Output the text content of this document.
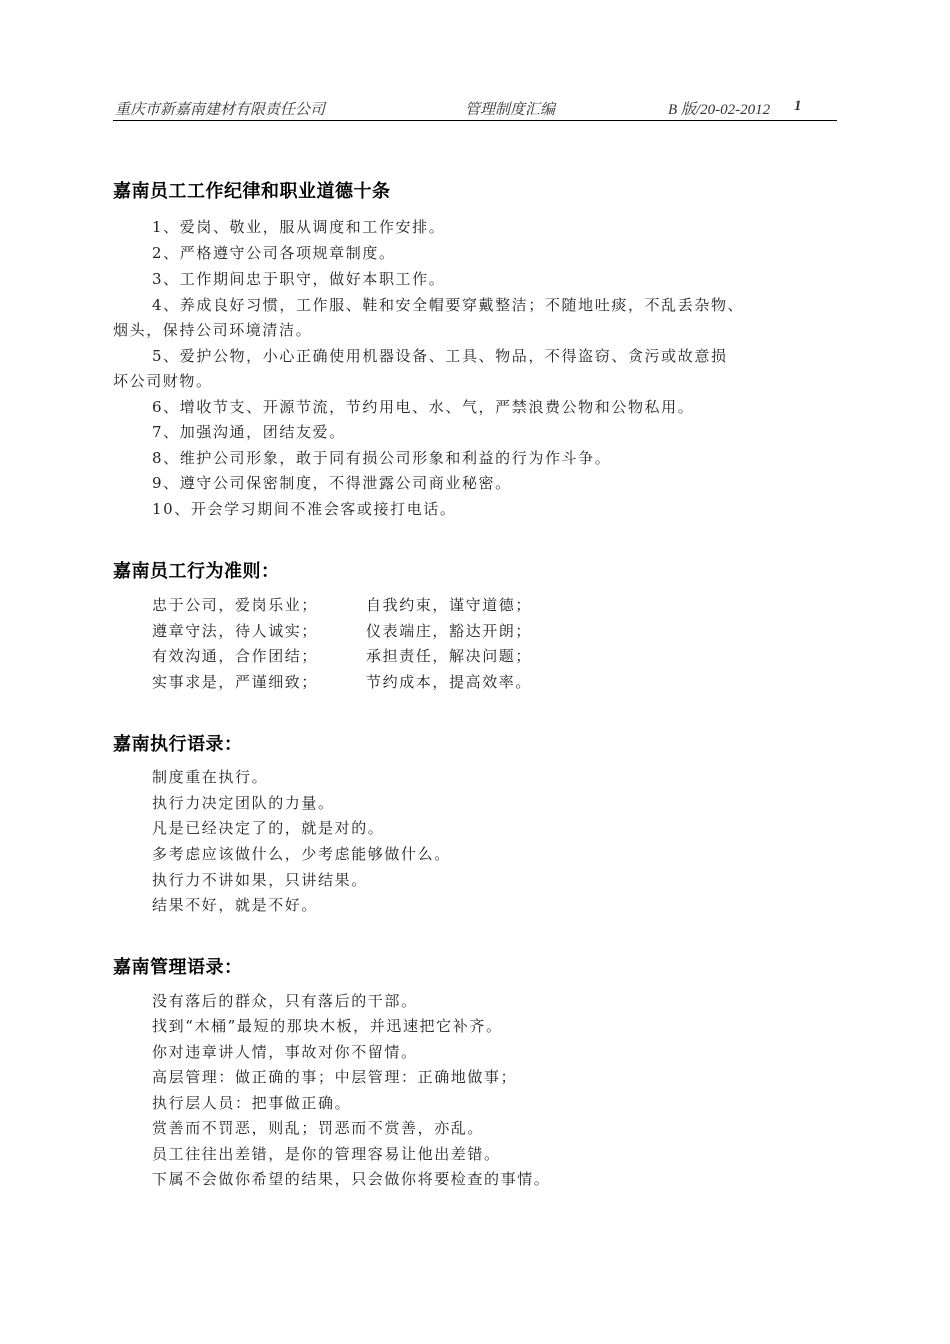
重庆市新嘉南建材有限责任公司	管理制度汇编	B 版/20-02-2012 1
嘉南员工工作纪律和职业道德十条
1、爱岗、敬业，服从调度和工作安排。
2、严格遵守公司各项规章制度。
3、工作期间忠于职守，做好本职工作。
4、养成良好习惯，工作服、鞋和安全帽要穿戴整洁；不随地吐痰，不乱丢杂物、
烟头，保持公司环境清洁。
5、爱护公物，小心正确使用机器设备、工具、物品，不得盗窃、贪污或故意损
坏公司财物。
6、增收节支、开源节流，节约用电、水、气，严禁浪费公物和公物私用。
7、加强沟通，团结友爱。
8、维护公司形象，敢于同有损公司形象和利益的行为作斗争。
9、遵守公司保密制度，不得泄露公司商业秘密。
10、开会学习期间不准会客或接打电话。
嘉南员工行为准则：
忠于公司，爱岗乐业；	自我约束，谨守道德；
遵章守法，待人诚实；	仪表端庄，豁达开朗；
有效沟通，合作团结；	承担责任，解决问题；
实事求是，严谨细致；	节约成本，提高效率。
嘉南执行语录：
制度重在执行。
执行力决定团队的力量。
凡是已经决定了的，就是对的。
多考虑应该做什么，少考虑能够做什么。
执行力不讲如果，只讲结果。
结果不好，就是不好。
嘉南管理语录：
没有落后的群众，只有落后的干部。
找到“木桶”最短的那块木板，并迅速把它补齐。
你对违章讲人情，事故对你不留情。
高层管理：做正确的事；中层管理：正确地做事；
执行层人员：把事做正确。
赏善而不罚恶，则乱；罚恶而不赏善，亦乱。
员工往往出差错，是你的管理容易让他出差错。
下属不会做你希望的结果，只会做你将要检查的事情。
